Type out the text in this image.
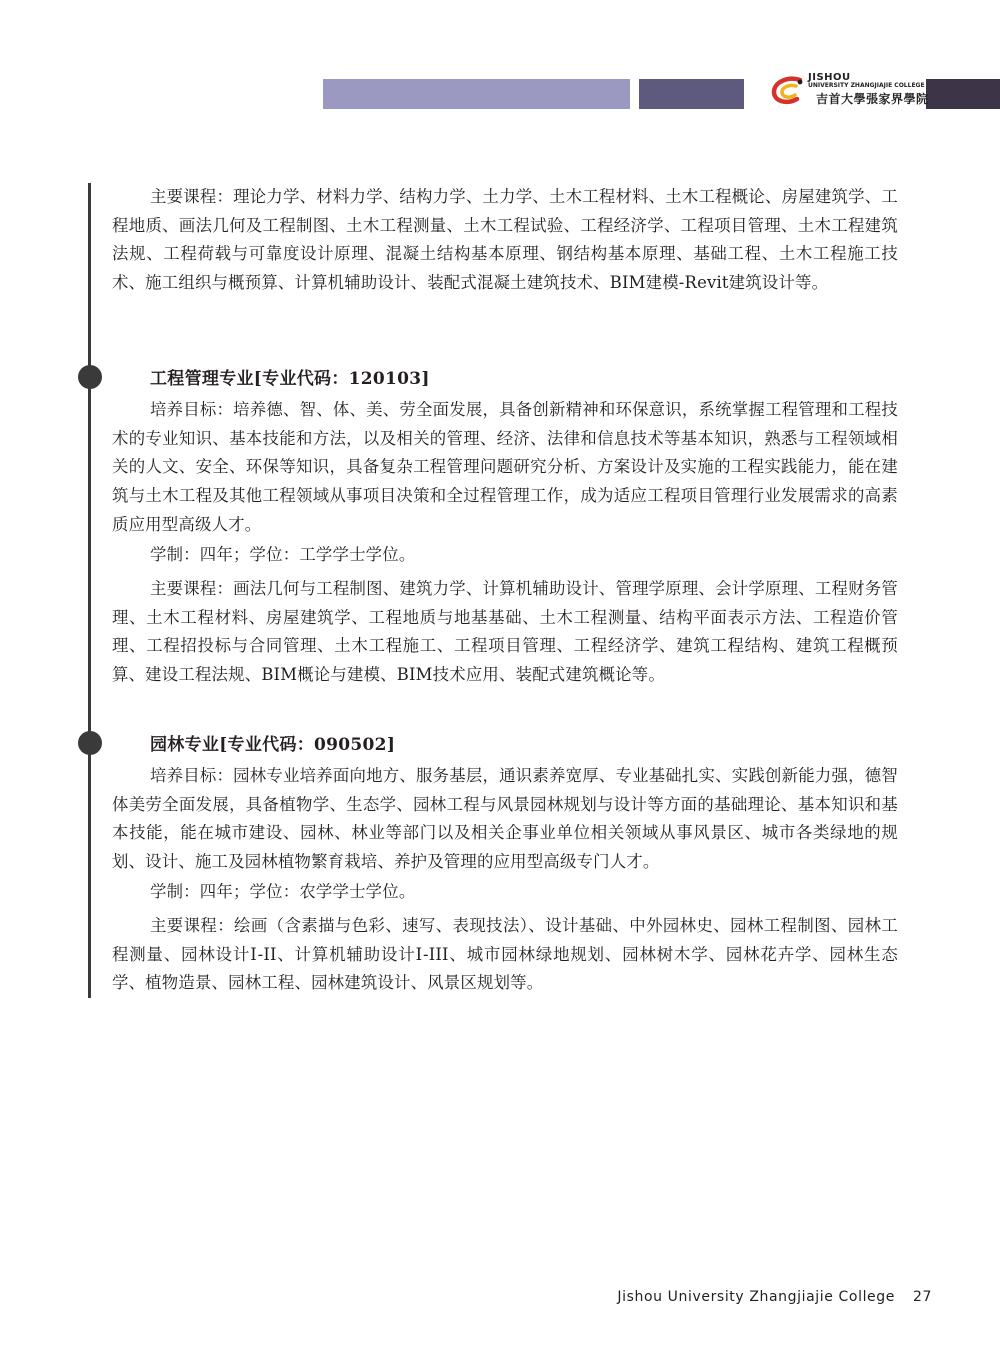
JISHOU
UNIVERSITY ZHANGJIAJIE COLLEGE
吉首大學張家界學院

主要课程：理论力学、材料力学、结构力学、土力学、土木工程材料、土木工程概论、房屋建筑学、工程地质、画法几何及工程制图、土木工程测量、土木工程试验、工程经济学、工程项目管理、土木工程建筑法规、工程荷载与可靠度设计原理、混凝土结构基本原理、钢结构基本原理、基础工程、土木工程施工技术、施工组织与概预算、计算机辅助设计、装配式混凝土建筑技术、BIM建模-Revit建筑设计等。

工程管理专业[专业代码：120103]

培养目标：培养德、智、体、美、劳全面发展，具备创新精神和环保意识，系统掌握工程管理和工程技术的专业知识、基本技能和方法，以及相关的管理、经济、法律和信息技术等基本知识，熟悉与工程领域相关的人文、安全、环保等知识，具备复杂工程管理问题研究分析、方案设计及实施的工程实践能力，能在建筑与土木工程及其他工程领域从事项目决策和全过程管理工作，成为适应工程项目管理行业发展需求的高素质应用型高级人才。

学制：四年；学位：工学学士学位。

主要课程：画法几何与工程制图、建筑力学、计算机辅助设计、管理学原理、会计学原理、工程财务管理、土木工程材料、房屋建筑学、工程地质与地基基础、土木工程测量、结构平面表示方法、工程造价管理、工程招投标与合同管理、土木工程施工、工程项目管理、工程经济学、建筑工程结构、建筑工程概预算、建设工程法规、BIM概论与建模、BIM技术应用、装配式建筑概论等。

园林专业[专业代码：090502]

培养目标：园林专业培养面向地方、服务基层，通识素养宽厚、专业基础扎实、实践创新能力强，德智体美劳全面发展，具备植物学、生态学、园林工程与风景园林规划与设计等方面的基础理论、基本知识和基本技能，能在城市建设、园林、林业等部门以及相关企事业单位相关领域从事风景区、城市各类绿地的规划、设计、施工及园林植物繁育栽培、养护及管理的应用型高级专门人才。

学制：四年；学位：农学学士学位。

主要课程：绘画（含素描与色彩、速写、表现技法）、设计基础、中外园林史、园林工程制图、园林工程测量、园林设计Ⅰ-II、计算机辅助设计Ⅰ-III、城市园林绿地规划、园林树木学、园林花卉学、园林生态学、植物造景、园林工程、园林建筑设计、风景区规划等。

Jishou University Zhangjiajie College 27
